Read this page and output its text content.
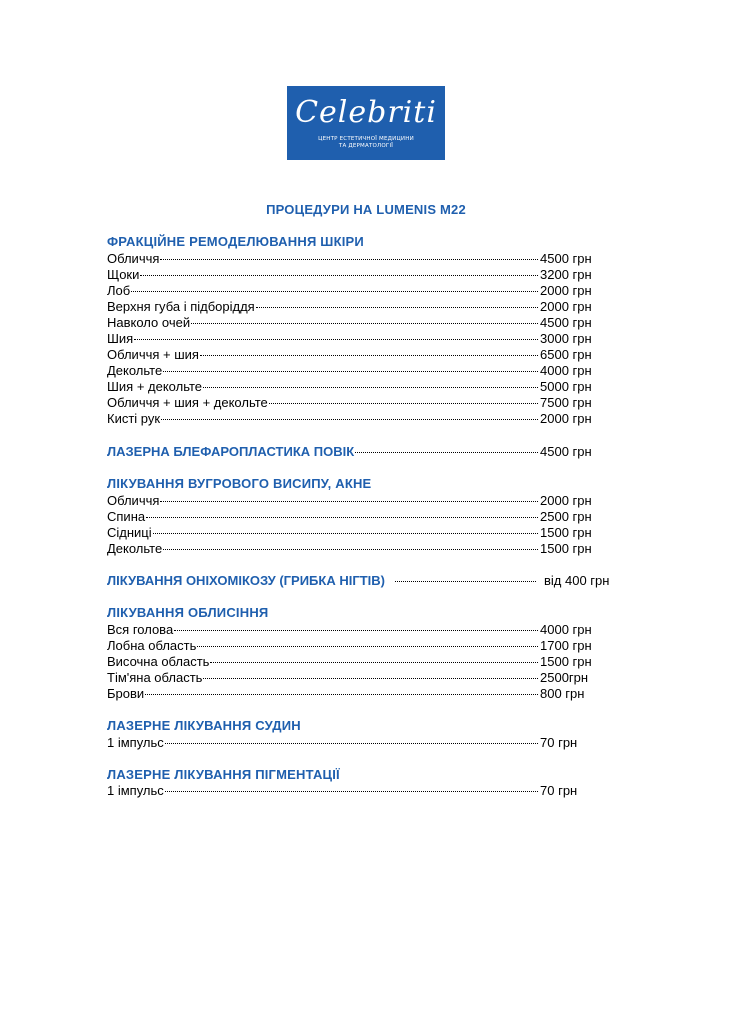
Celebriti
ЦЕНТР ЕСТЕТИЧНОЇ МЕДИЦИНИ
ТА ДЕРМАТОЛОГІЇ
ПРОЦЕДУРИ НА LUMENIS M22
ФРАКЦІЙНЕ РЕМОДЕЛЮВАННЯ ШКІРИ
Обличчя	4500 грн
Щоки	3200 грн
Лоб	2000 грн
Верхня губа і підборіддя	2000 грн
Навколо очей	4500 грн
Шия	3000 грн
Обличчя + шия	6500 грн
Декольте	4000 грн
Шия + декольте	5000 грн
Обличчя + шия + декольте	7500 грн
Кисті рук	2000 грн
ЛАЗЕРНА БЛЕФАРОПЛАСТИКА ПОВІК	4500 грн
ЛІКУВАННЯ ВУГРОВОГО ВИСИПУ, АКНЕ
Обличчя	2000 грн
Спина	2500 грн
Сідниці	1500 грн
Декольте	1500 грн
ЛІКУВАННЯ ОНІХОМІКОЗУ (ГРИБКА НІГТІВ)	від 400 грн
ЛІКУВАННЯ ОБЛИСІННЯ
Вся голова	4000 грн
Лобна область	1700 грн
Височна область	1500 грн
Тім'яна область	2500грн
Брови	800 грн
ЛАЗЕРНЕ ЛІКУВАННЯ СУДИН
1 імпульс	70 грн
ЛАЗЕРНЕ ЛІКУВАННЯ ПІГМЕНТАЦІЇ
1 імпульс	70 грн
